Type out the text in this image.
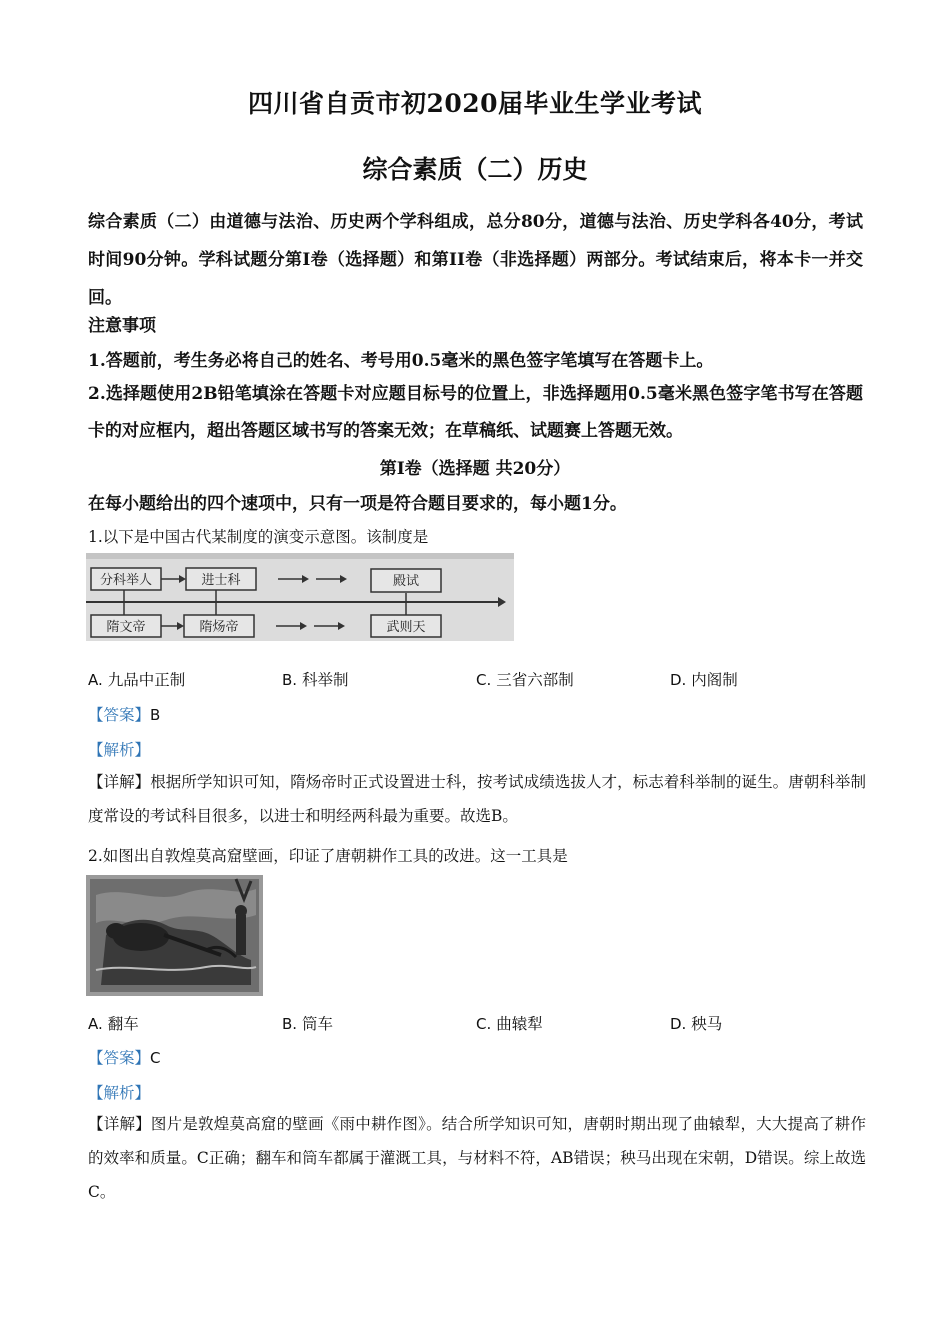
四川省自贡市初2020届毕业生学业考试
综合素质（二）历史
综合素质（二）由道德与法治、历史两个学科组成，总分80分，道德与法治、历史学科各40分，考试时间90分钟。学科试题分第I卷（选择题）和第II卷（非选择题）两部分。考试结束后，将本卡一并交回。
注意事项
1.答题前，考生务必将自己的姓名、考号用0.5毫米的黑色签字笔填写在答题卡上。
2.选择题使用2B铅笔填涂在答题卡对应题目标号的位置上，非选择题用0.5毫米黑色签字笔书写在答题卡的对应框内，超出答题区域书写的答案无效；在草稿纸、试题赛上答题无效。
第I卷（选择题 共20分）
在每小题给出的四个速项中，只有一项是符合题目要求的，每小题1分。
1.以下是中国古代某制度的演变示意图。该制度是
分科举人	进士科	殿试
隋文帝	隋炀帝	武则天
A. 九品中正制	B. 科举制	C. 三省六部制	D. 内阁制
【答案】B
【解析】
【详解】根据所学知识可知，隋炀帝时正式设置进士科，按考试成绩选拔人才，标志着科举制的诞生。唐朝科举制度常设的考试科目很多，以进士和明经两科最为重要。故选B。
2.如图出自敦煌莫高窟壁画，印证了唐朝耕作工具的改进。这一工具是
A. 翻车	B. 筒车	C. 曲辕犁	D. 秧马
【答案】C
【解析】
【详解】图片是敦煌莫高窟的壁画《雨中耕作图》。结合所学知识可知，唐朝时期出现了曲辕犁，大大提高了耕作的效率和质量。C正确；翻车和筒车都属于灌溉工具，与材料不符，AB错误；秧马出现在宋朝，D错误。综上故选C。
